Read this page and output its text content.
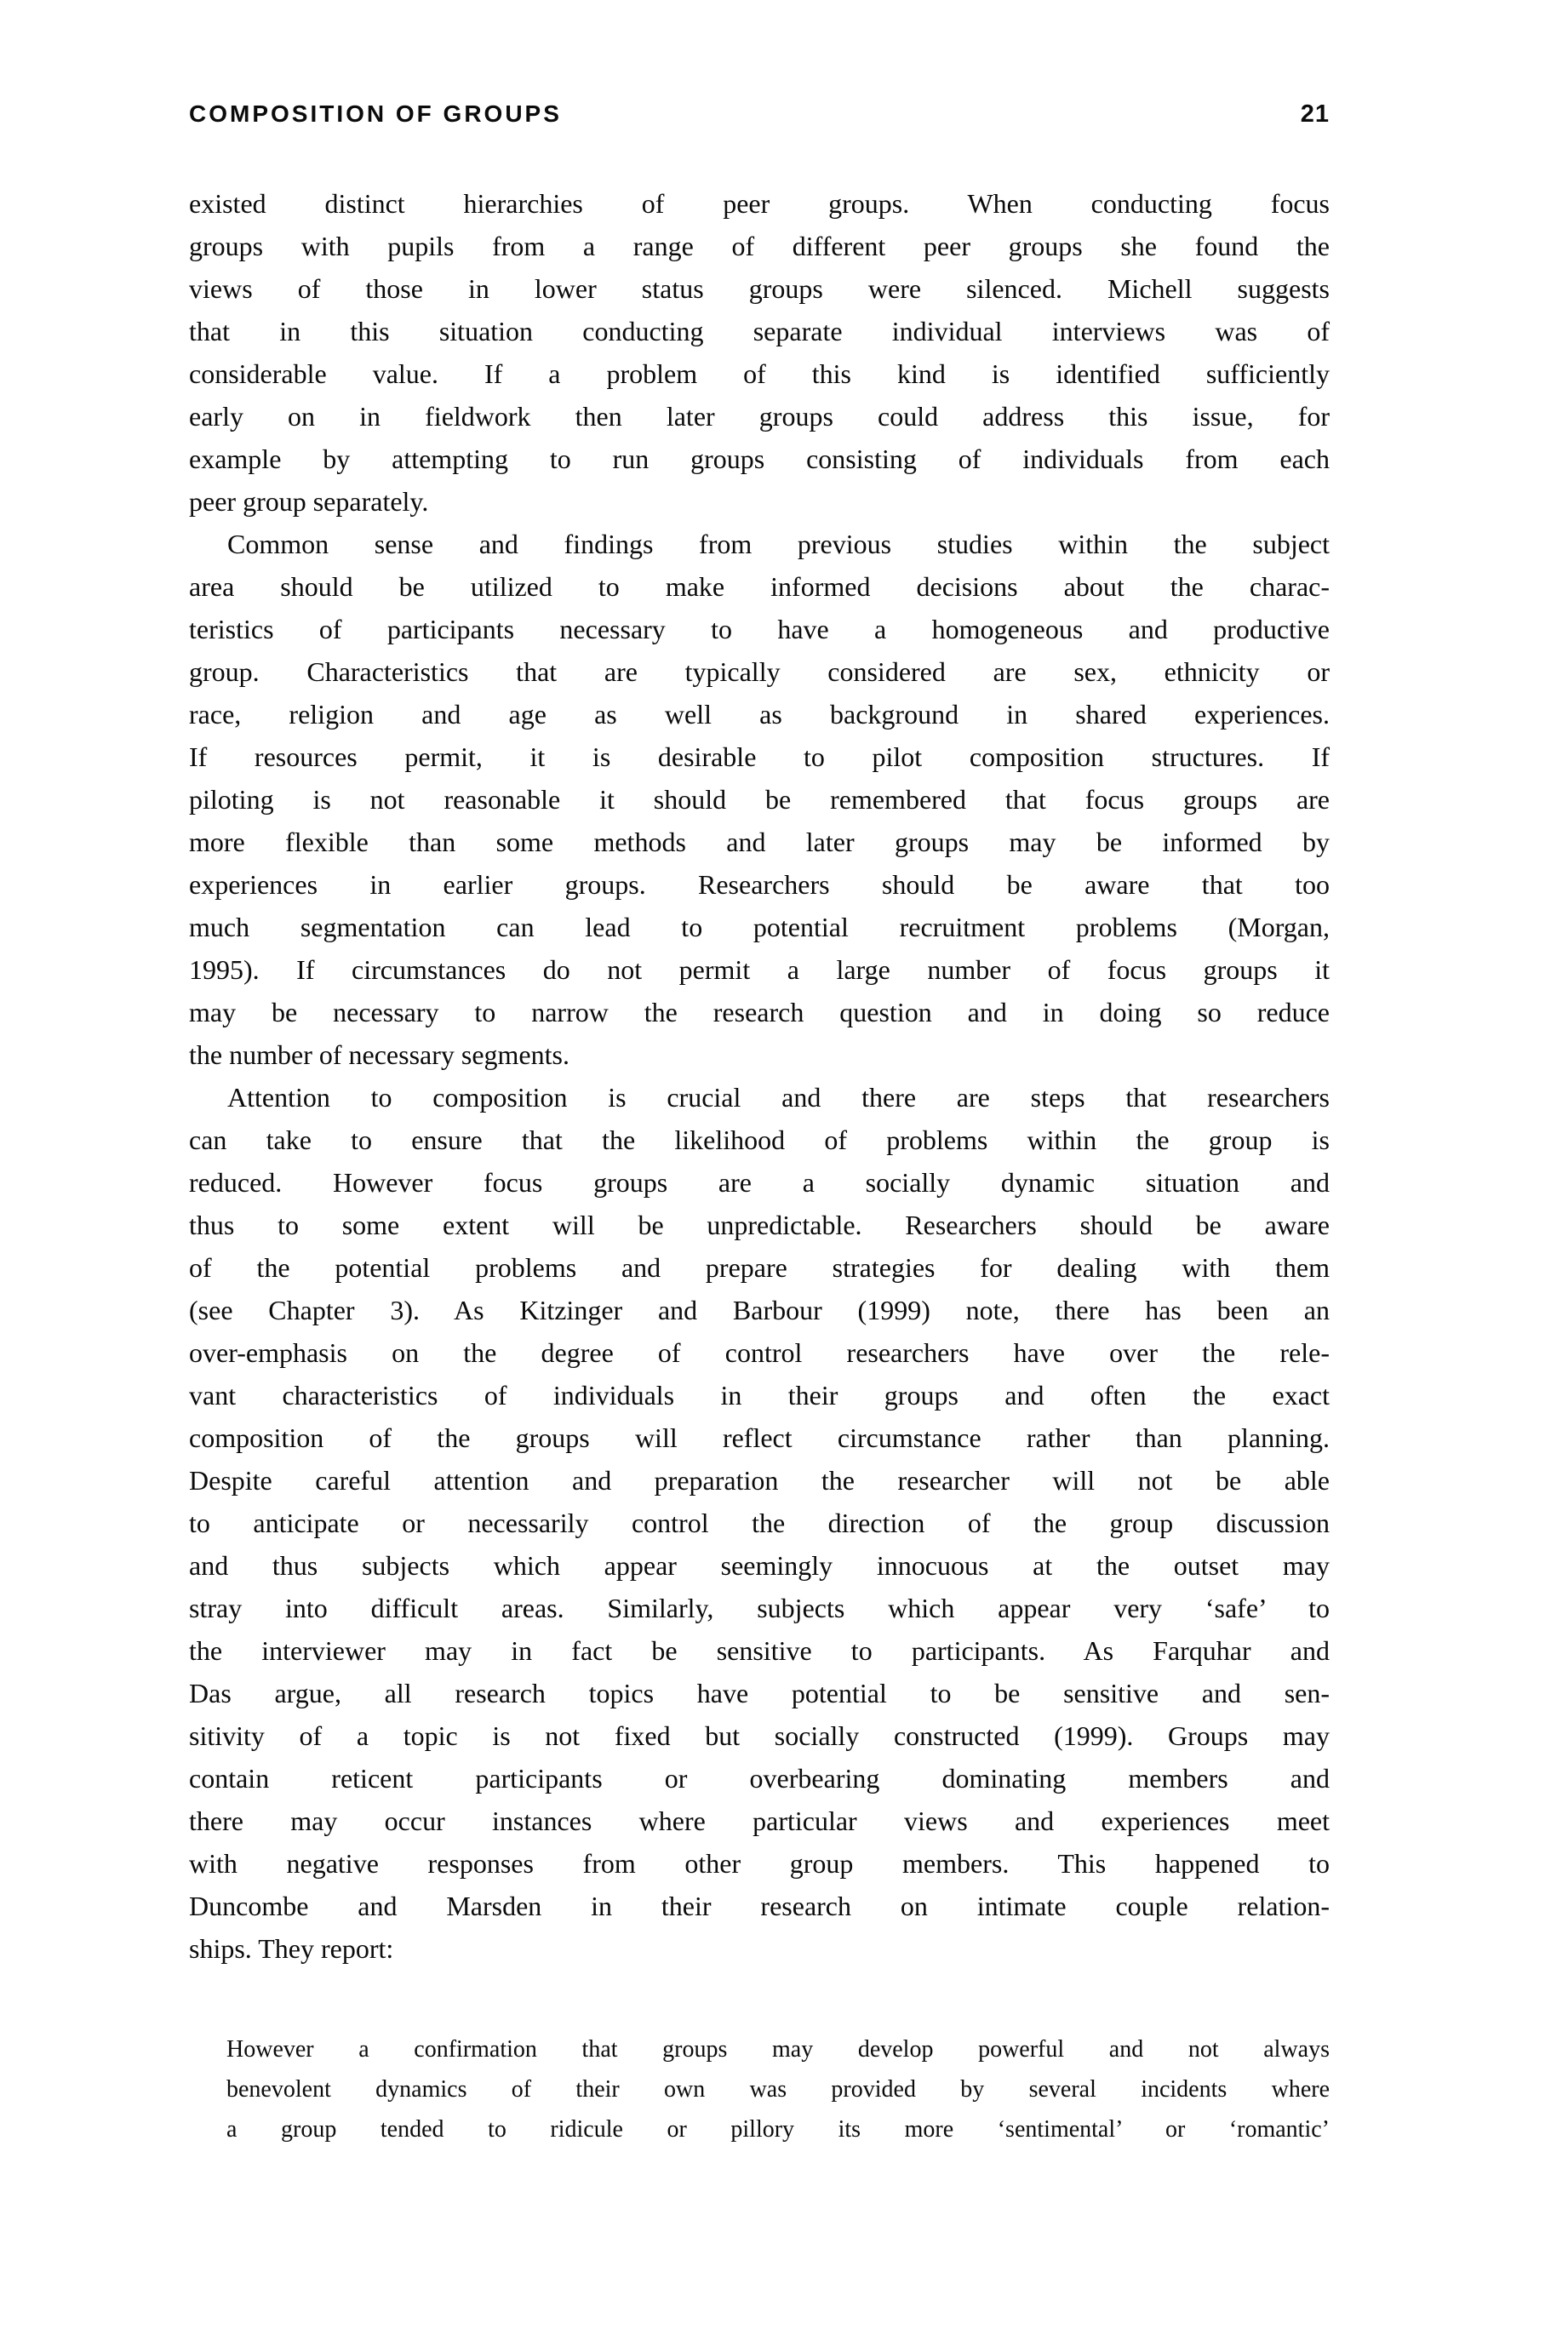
COMPOSITION OF GROUPS	21
existed distinct hierarchies of peer groups. When conducting focus
groups with pupils from a range of different peer groups she found the
views of those in lower status groups were silenced. Michell suggests
that in this situation conducting separate individual interviews was of
considerable value. If a problem of this kind is identified sufficiently
early on in fieldwork then later groups could address this issue, for
example by attempting to run groups consisting of individuals from each
peer group separately.
Common sense and findings from previous studies within the subject
area should be utilized to make informed decisions about the charac-
teristics of participants necessary to have a homogeneous and productive
group. Characteristics that are typically considered are sex, ethnicity or
race, religion and age as well as background in shared experiences.
If resources permit, it is desirable to pilot composition structures. If
piloting is not reasonable it should be remembered that focus groups are
more flexible than some methods and later groups may be informed by
experiences in earlier groups. Researchers should be aware that too
much segmentation can lead to potential recruitment problems (Morgan,
1995). If circumstances do not permit a large number of focus groups it
may be necessary to narrow the research question and in doing so reduce
the number of necessary segments.
Attention to composition is crucial and there are steps that researchers
can take to ensure that the likelihood of problems within the group is
reduced. However focus groups are a socially dynamic situation and
thus to some extent will be unpredictable. Researchers should be aware
of the potential problems and prepare strategies for dealing with them
(see Chapter 3). As Kitzinger and Barbour (1999) note, there has been an
over-emphasis on the degree of control researchers have over the rele-
vant characteristics of individuals in their groups and often the exact
composition of the groups will reflect circumstance rather than planning.
Despite careful attention and preparation the researcher will not be able
to anticipate or necessarily control the direction of the group discussion
and thus subjects which appear seemingly innocuous at the outset may
stray into difficult areas. Similarly, subjects which appear very ‘safe’ to
the interviewer may in fact be sensitive to participants. As Farquhar and
Das argue, all research topics have potential to be sensitive and sen-
sitivity of a topic is not fixed but socially constructed (1999). Groups may
contain reticent participants or overbearing dominating members and
there may occur instances where particular views and experiences meet
with negative responses from other group members. This happened to
Duncombe and Marsden in their research on intimate couple relation-
ships. They report:
However a confirmation that groups may develop powerful and not always
benevolent dynamics of their own was provided by several incidents where
a group tended to ridicule or pillory its more ‘sentimental’ or ‘romantic’
